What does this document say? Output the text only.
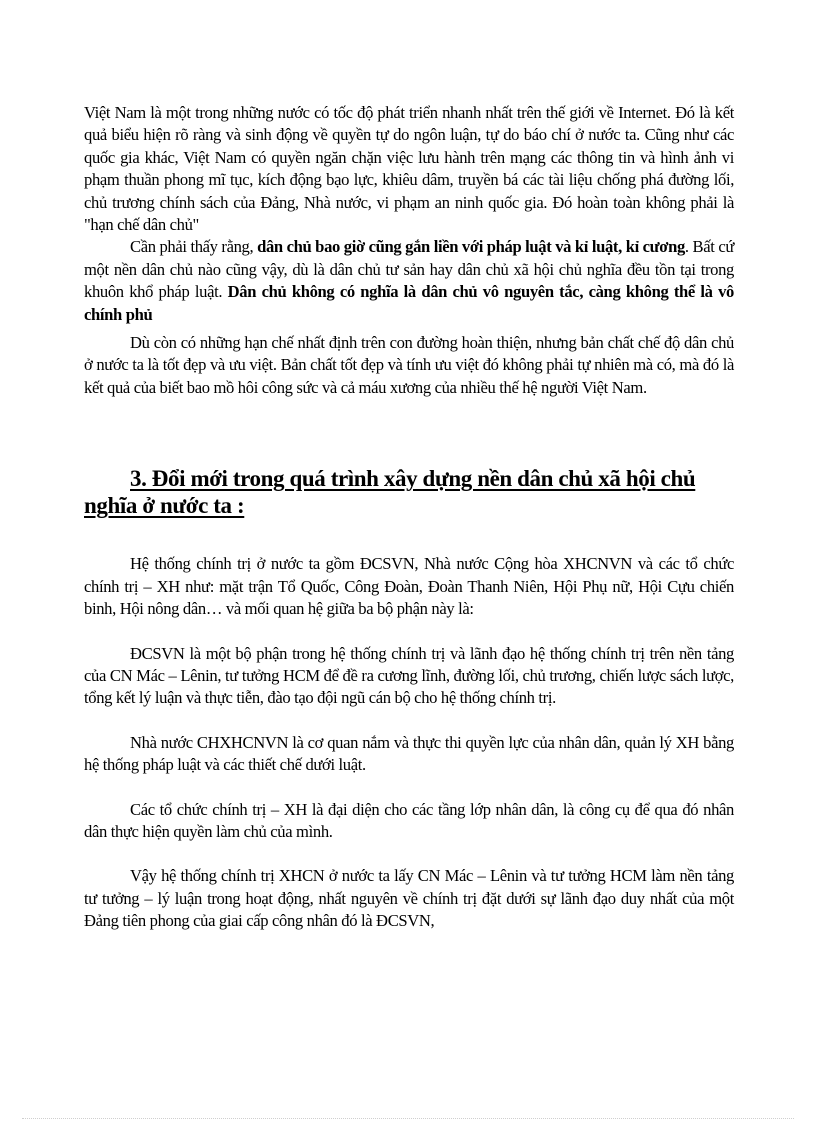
Việt Nam là một trong những nước có tốc độ phát triển nhanh nhất trên thế giới về Internet. Đó là kết quả biểu hiện rõ ràng và sinh động về quyền tự do ngôn luận, tự do báo chí ở nước ta. Cũng như các quốc gia khác, Việt Nam có quyền ngăn chặn việc lưu hành trên mạng các thông tin và hình ảnh vi phạm thuần phong mĩ tục, kích động bạo lực, khiêu dâm, truyền bá các tài liệu chống phá đường lối, chủ trương chính sách của Đảng, Nhà nước, vi phạm an ninh quốc gia. Đó hoàn toàn không phải là "hạn chế dân chủ"

Cần phải thấy rằng, dân chủ bao giờ cũng gắn liền với pháp luật và kỉ luật, kỉ cương. Bất cứ một nền dân chủ nào cũng vậy, dù là dân chủ tư sản hay dân chủ xã hội chủ nghĩa đều tồn tại trong khuôn khổ pháp luật. Dân chủ không có nghĩa là dân chủ vô nguyên tắc, càng không thể là vô chính phủ

Dù còn có những hạn chế nhất định trên con đường hoàn thiện, nhưng bản chất chế độ dân chủ ở nước ta là tốt đẹp và ưu việt. Bản chất tốt đẹp và tính ưu việt đó không phải tự nhiên mà có, mà đó là kết quả của biết bao mồ hôi công sức và cả máu xương của nhiều thế hệ người Việt Nam.

3. Đổi mới trong quá trình xây dựng nền dân chủ xã hội chủ nghĩa ở nước ta :

Hệ thống chính trị ở nước ta gồm ĐCSVN, Nhà nước Cộng hòa XHCNVN và các tổ chức chính trị – XH như: mặt trận Tổ Quốc, Công Đoàn, Đoàn Thanh Niên, Hội Phụ nữ, Hội Cựu chiến binh, Hội nông dân… và mối quan hệ giữa ba bộ phận này là:

ĐCSVN là một bộ phận trong hệ thống chính trị và lãnh đạo hệ thống chính trị trên nền tảng của CN Mác – Lênin, tư tưởng HCM để đề ra cương lĩnh, đường lối, chủ trương, chiến lược sách lược, tổng kết lý luận và thực tiễn, đào tạo đội ngũ cán bộ cho hệ thống chính trị.

Nhà nước CHXHCNVN là cơ quan nắm và thực thi quyền lực của nhân dân, quản lý XH bằng hệ thống pháp luật và các thiết chế dưới luật.

Các tổ chức chính trị – XH là đại diện cho các tầng lớp nhân dân, là công cụ để qua đó nhân dân thực hiện quyền làm chủ của mình.

Vậy hệ thống chính trị XHCN ở nước ta lấy CN Mác – Lênin và tư tưởng HCM làm nền tảng tư tưởng – lý luận trong hoạt động, nhất nguyên về chính trị đặt dưới sự lãnh đạo duy nhất của một Đảng tiên phong của giai cấp công nhân đó là ĐCSVN,
